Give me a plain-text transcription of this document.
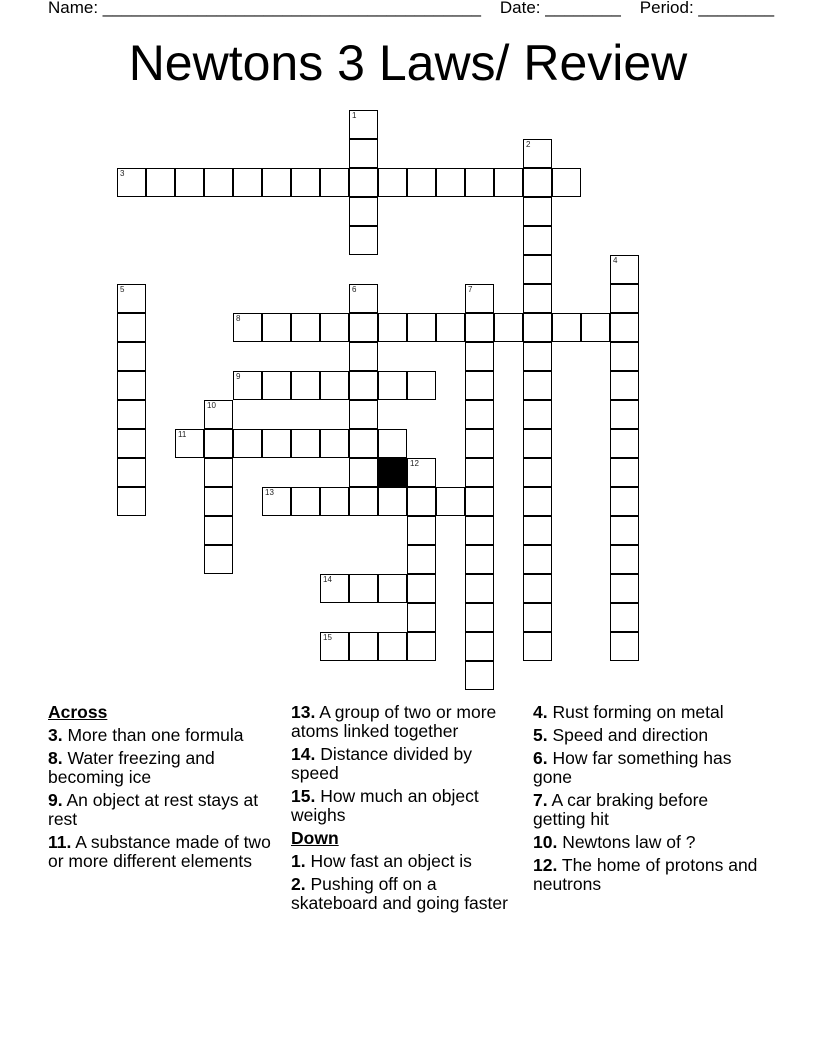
Name: ________________________________________ Date: ________ Period: ________
Newtons 3 Laws/ Review
1
2
3
4
5	6	7
8
9
10
11
12
13
14
15
Across
3. More than one formula
8. Water freezing and becoming ice
9. An object at rest stays at rest
11. A substance made of two or more different elements
13. A group of two or more atoms linked together
14. Distance divided by speed
15. How much an object weighs
Down
1. How fast an object is
2. Pushing off on a skateboard and going faster
4. Rust forming on metal
5. Speed and direction
6. How far something has gone
7. A car braking before getting hit
10. Newtons law of ?
12. The home of protons and neutrons
